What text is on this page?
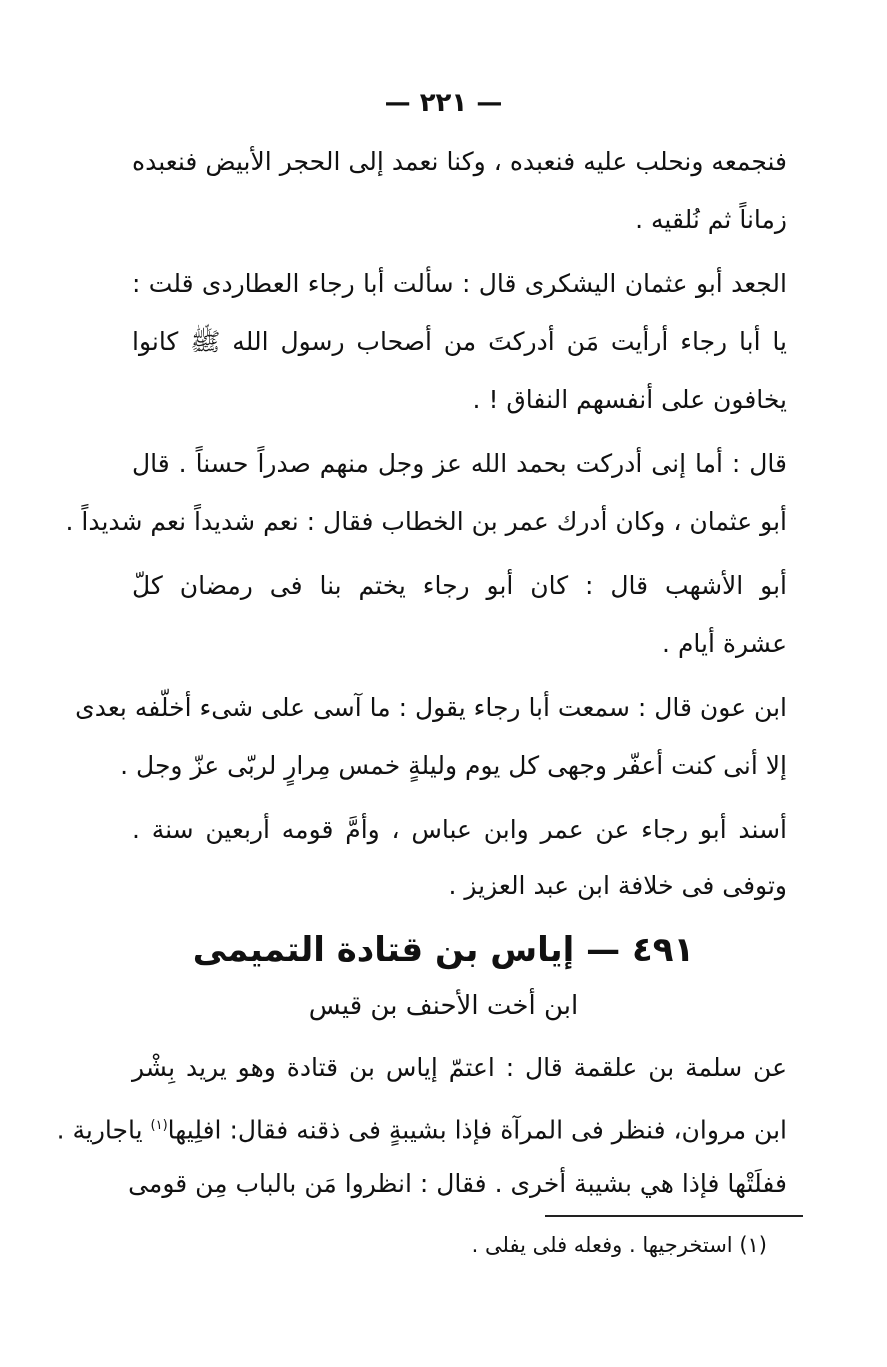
— ٢٢١ —
فنجمعه ونحلب عليه فنعبده ، وكنا نعمد إلى الحجر الأبيض فنعبده
زماناً ثم نُلقيه .
الجعد أبو عثمان اليشكرى قال : سألت أبا رجاء العطاردى قلت :
يا أبا رجاء أرأيت مَن أدركتَ من أصحاب رسول الله ﷺ كانوا
يخافون على أنفسهم النفاق ! .
قال : أما إنى أدركت بحمد الله عز وجل منهم صدراً حسناً . قال
أبو عثمان ، وكان أدرك عمر بن الخطاب فقال : نعم شديداً نعم شديداً .
أبو الأشهب قال : كان أبو رجاء يختم بنا فى رمضان كلّ
عشرة أيام .
ابن عون قال : سمعت أبا رجاء يقول : ما آسى على شىء أخلّفه بعدى
إلا أنى كنت أعفّر وجهى كل يوم وليلةٍ خمس مِرارٍ لربّى عزّ وجل .
أسند أبو رجاء عن عمر وابن عباس ، وأمَّ قومه أربعين سنة .
وتوفى فى خلافة ابن عبد العزيز .
٤٩١ — إياس بن قتادة التميمى
ابن أخت الأحنف بن قيس
عن سلمة بن علقمة قال : اعتمّ إياس بن قتادة وهو يريد بِشْر
ابن مروان، فنظر فى المرآة فإذا بشيبةٍ فى ذقنه فقال: افلِيها$^{(١)}$ ياجارية .
ففلَتْها فإذا هي بشيبة أخرى . فقال : انظروا مَن بالباب مِن قومى
(١) استخرجيها . وفعله فلى يفلى .
